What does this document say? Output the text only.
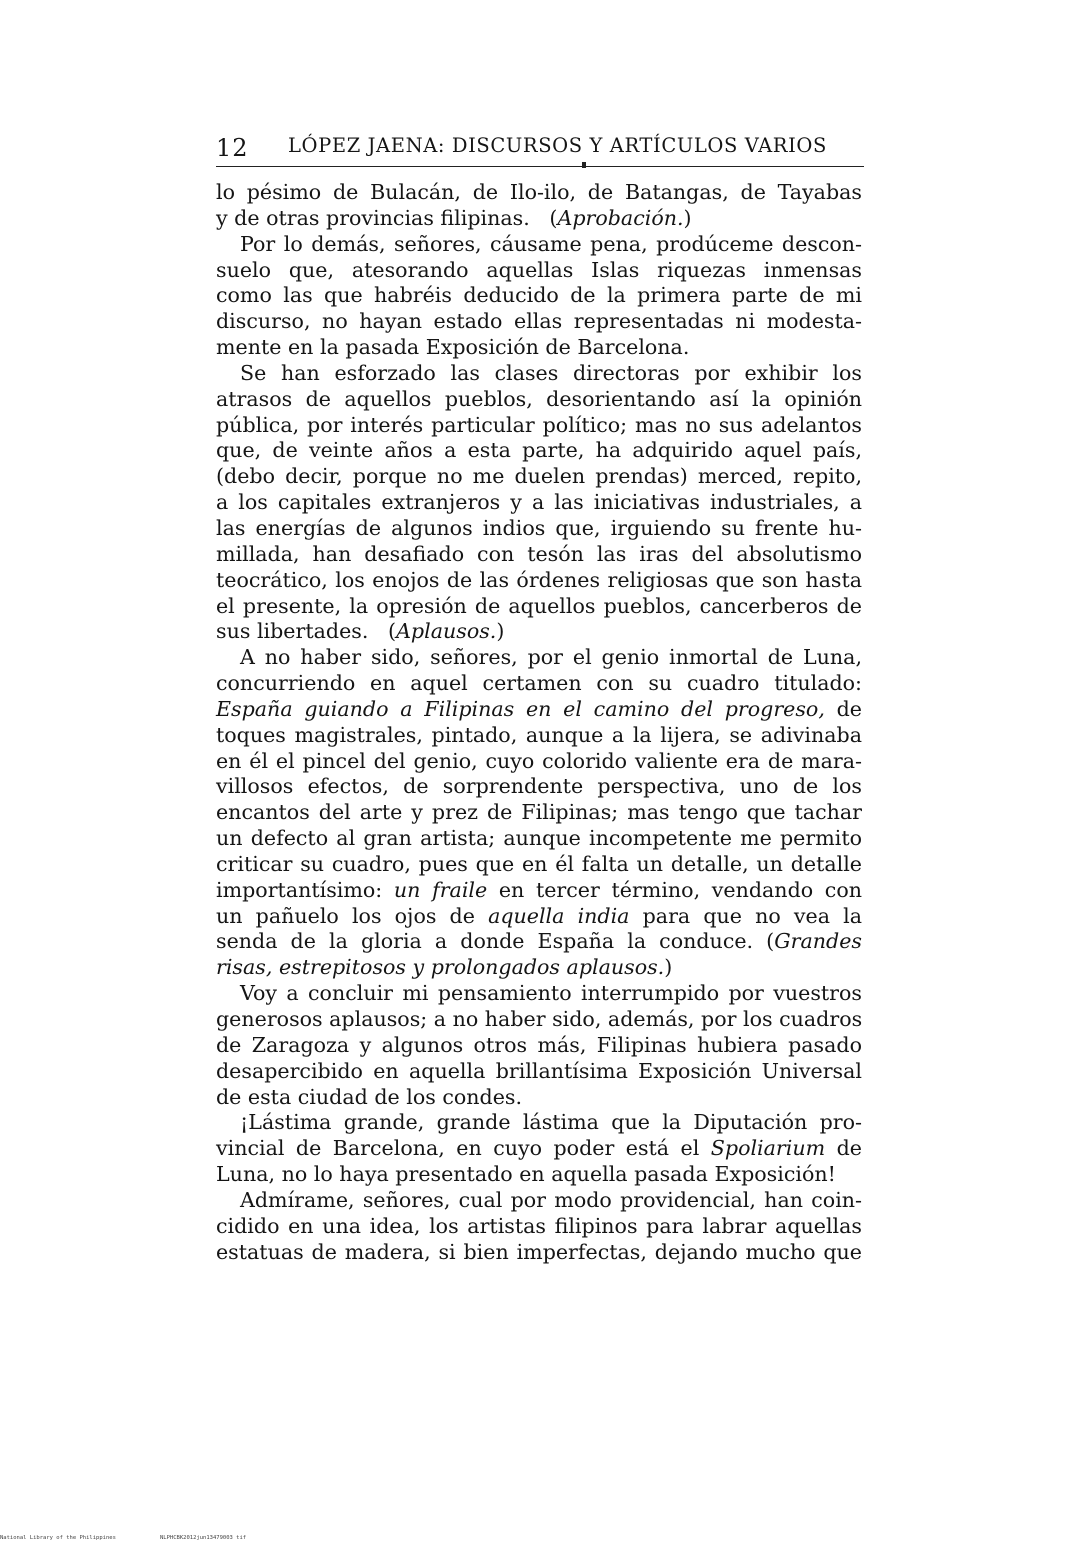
12 LÓPEZ JAENA: DISCURSOS Y ARTÍCULOS VARIOS
lo pésimo de Bulacán, de Ilo-ilo, de Batangas, de Tayabas
y de otras provincias filipinas.   (Aprobación.)
Por lo demás, señores, cáusame pena, prodúceme descon-
suelo que, atesorando aquellas Islas riquezas inmensas
como las que habréis deducido de la primera parte de mi
discurso, no hayan estado ellas representadas ni modesta-
mente en la pasada Exposición de Barcelona.
Se han esforzado las clases directoras por exhibir los
atrasos de aquellos pueblos, desorientando así la opinión
pública, por interés particular político; mas no sus adelantos
que, de veinte años a esta parte, ha adquirido aquel país,
(debo decir, porque no me duelen prendas) merced, repito,
a los capitales extranjeros y a las iniciativas industriales, a
las energías de algunos indios que, irguiendo su frente hu-
millada, han desafiado con tesón las iras del absolutismo
teocrático, los enojos de las órdenes religiosas que son hasta
el presente, la opresión de aquellos pueblos, cancerberos de
sus libertades.   (Aplausos.)
A no haber sido, señores, por el genio inmortal de Luna,
concurriendo en aquel certamen con su cuadro titulado:
España guiando a Filipinas en el camino del progreso, de
toques magistrales, pintado, aunque a la lijera, se adivinaba
en él el pincel del genio, cuyo colorido valiente era de mara-
villosos efectos, de sorprendente perspectiva, uno de los
encantos del arte y prez de Filipinas; mas tengo que tachar
un defecto al gran artista; aunque incompetente me permito
criticar su cuadro, pues que en él falta un detalle, un detalle
importantísimo: un fraile en tercer término, vendando con
un pañuelo los ojos de aquella india para que no vea la
senda de la gloria a donde España la conduce. (Grandes
risas, estrepitosos y prolongados aplausos.)
Voy a concluir mi pensamiento interrumpido por vuestros
generosos aplausos; a no haber sido, además, por los cuadros
de Zaragoza y algunos otros más, Filipinas hubiera pasado
desapercibido en aquella brillantísima Exposición Universal
de esta ciudad de los condes.
¡Lástima grande, grande lástima que la Diputación pro-
vincial de Barcelona, en cuyo poder está el Spoliarium de
Luna, no lo haya presentado en aquella pasada Exposición!
Admírame, señores, cual por modo providencial, han coin-
cidido en una idea, los artistas filipinos para labrar aquellas
estatuas de madera, si bien imperfectas, dejando mucho que
National Library of the Philippines	NLPHCBK2012jun13479003 tif
